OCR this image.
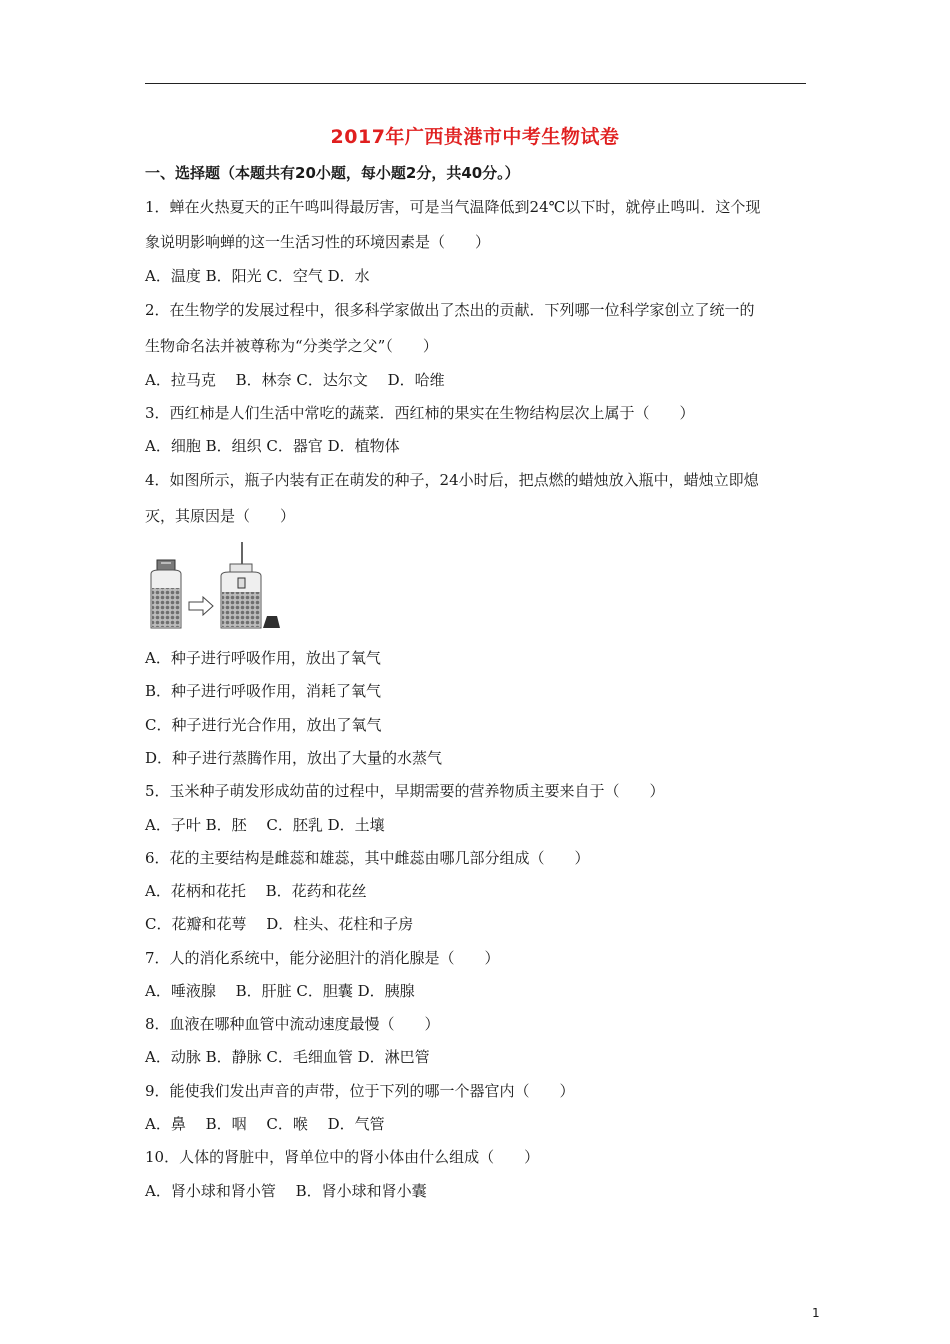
2017年广西贵港市中考生物试卷
一、选择题（本题共有20小题，每小题2分，共40分。）
1．蝉在火热夏天的正午鸣叫得最厉害，可是当气温降低到24℃以下时，就停止鸣叫．这个现
象说明影响蝉的这一生活习性的环境因素是（　　）
A．温度 B．阳光 C．空气 D．水
2．在生物学的发展过程中，很多科学家做出了杰出的贡献．下列哪一位科学家创立了统一的
生物命名法并被尊称为“分类学之父”（　　）
A．拉马克　 B．林奈 C．达尔文　 D．哈维
3．西红柿是人们生活中常吃的蔬菜．西红柿的果实在生物结构层次上属于（　　）
A．细胞 B．组织 C．器官 D．植物体
4．如图所示，瓶子内装有正在萌发的种子，24小时后，把点燃的蜡烛放入瓶中，蜡烛立即熄
灭，其原因是（　　）
A．种子进行呼吸作用，放出了氧气
B．种子进行呼吸作用，消耗了氧气
C．种子进行光合作用，放出了氧气
D．种子进行蒸腾作用，放出了大量的水蒸气
5．玉米种子萌发形成幼苗的过程中，早期需要的营养物质主要来自于（　　）
A．子叶 B．胚　 C．胚乳 D．土壤
6．花的主要结构是雌蕊和雄蕊，其中雌蕊由哪几部分组成（　　）
A．花柄和花托　 B．花药和花丝
C．花瓣和花萼　 D．柱头、花柱和子房
7．人的消化系统中，能分泌胆汁的消化腺是（　　）
A．唾液腺　 B．肝脏 C．胆囊 D．胰腺
8．血液在哪种血管中流动速度最慢（　　）
A．动脉 B．静脉 C．毛细血管 D．淋巴管
9．能使我们发出声音的声带，位于下列的哪一个器官内（　　）
A．鼻　 B．咽　 C．喉　 D．气管
10．人体的肾脏中，肾单位中的肾小体由什么组成（　　）
A．肾小球和肾小管　 B．肾小球和肾小囊
1
